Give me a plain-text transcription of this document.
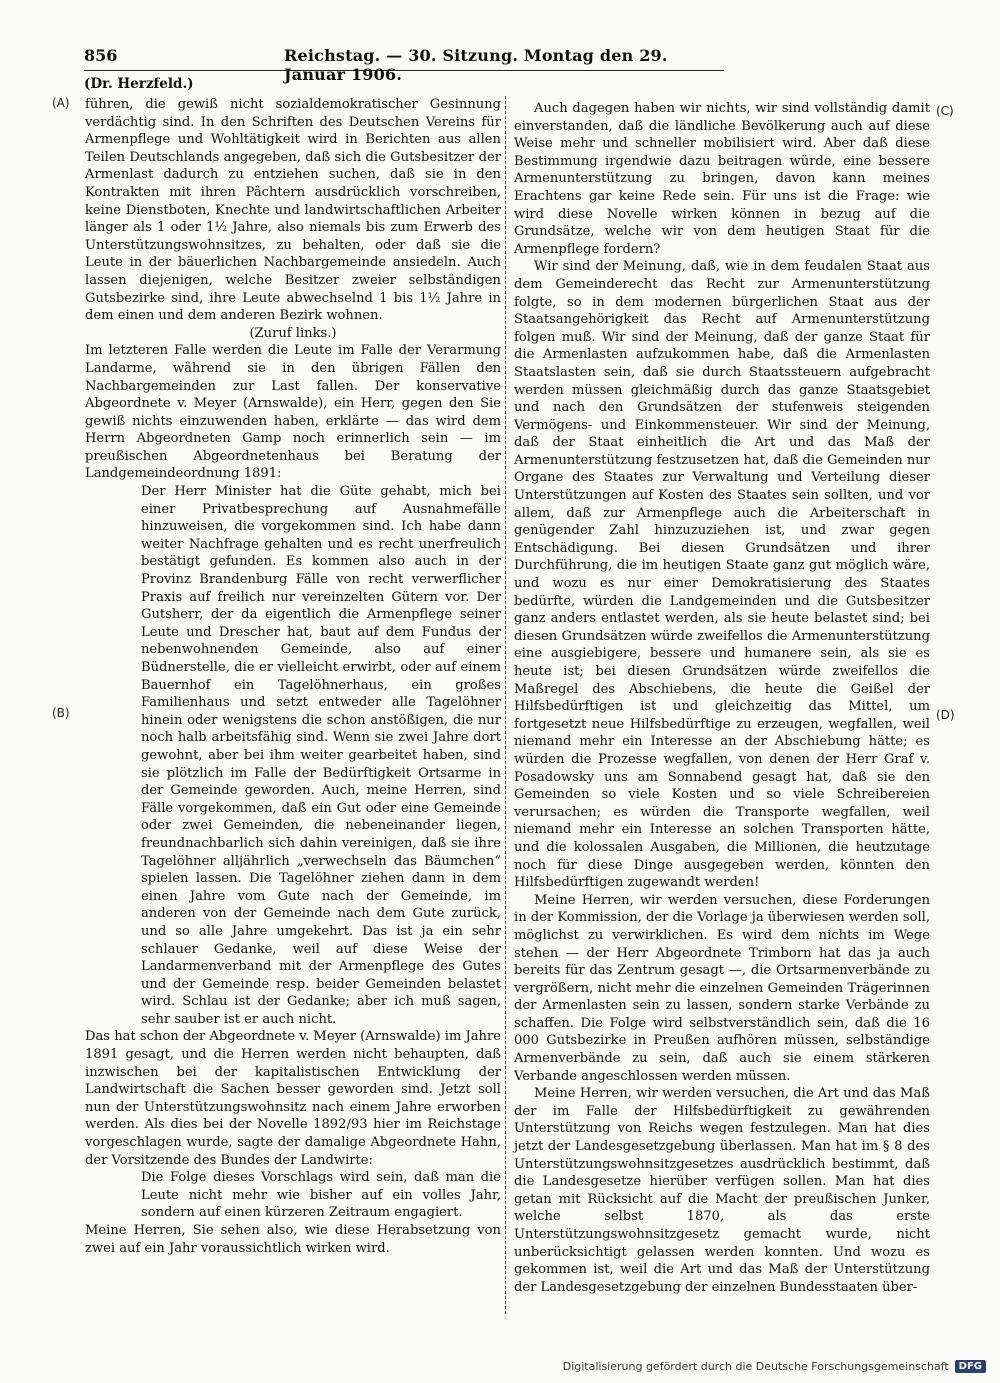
856	Reichstag. — 30. Sitzung. Montag den 29. Januar 1906.
(Dr. Herzfeld.)
(A)
(B)
(C)
(D)

führen, die gewiß nicht sozialdemokratischer Gesinnung verdächtig sind. In den Schriften des Deutschen Vereins für Armenpflege und Wohltätigkeit wird in Berichten aus allen Teilen Deutschlands angegeben, daß sich die Gutsbesitzer der Armenlast dadurch zu entziehen suchen, daß sie in den Kontrakten mit ihren Pächtern ausdrücklich vorschreiben, keine Dienstboten, Knechte und landwirtschaftlichen Arbeiter länger als 1 oder 1½ Jahre, also niemals bis zum Erwerb des Unterstützungswohnsitzes, zu behalten, oder daß sie die Leute in der bäuerlichen Nachbargemeinde ansiedeln. Auch lassen diejenigen, welche Besitzer zweier selbständigen Gutsbezirke sind, ihre Leute abwechselnd 1 bis 1½ Jahre in dem einen und dem anderen Bezirk wohnen.

(Zuruf links.)

Im letzteren Falle werden die Leute im Falle der Verarmung Landarme, während sie in den übrigen Fällen den Nachbargemeinden zur Last fallen. Der konservative Abgeordnete v. Meyer (Arnswalde), ein Herr, gegen den Sie gewiß nichts einzuwenden haben, erklärte — das wird dem Herrn Abgeordneten Gamp noch erinnerlich sein — im preußischen Abgeordnetenhaus bei Beratung der Landgemeindeordnung 1891:

Der Herr Minister hat die Güte gehabt, mich bei einer Privatbesprechung auf Ausnahmefälle hinzuweisen, die vorgekommen sind. Ich habe dann weiter Nachfrage gehalten und es recht unerfreulich bestätigt gefunden. Es kommen also auch in der Provinz Brandenburg Fälle von recht verwerflicher Praxis auf freilich nur vereinzelten Gütern vor. Der Gutsherr, der da eigentlich die Armenpflege seiner Leute und Drescher hat, baut auf dem Fundus der nebenwohnenden Gemeinde, also auf einer Büdnerstelle, die er vielleicht erwirbt, oder auf einem Bauernhof ein Tagelöhnerhaus, ein großes Familienhaus und setzt entweder alle Tagelöhner hinein oder wenigstens die schon anstößigen, die nur noch halb arbeitsfähig sind. Wenn sie zwei Jahre dort gewohnt, aber bei ihm weiter gearbeitet haben, sind sie plötzlich im Falle der Bedürftigkeit Ortsarme in der Gemeinde geworden. Auch, meine Herren, sind Fälle vorgekommen, daß ein Gut oder eine Gemeinde oder zwei Gemeinden, die nebeneinander liegen, freundnachbarlich sich dahin vereinigen, daß sie ihre Tagelöhner alljährlich „verwechseln das Bäumchen“ spielen lassen. Die Tagelöhner ziehen dann in dem einen Jahre vom Gute nach der Gemeinde, im anderen von der Gemeinde nach dem Gute zurück, und so alle Jahre umgekehrt. Das ist ja ein sehr schlauer Gedanke, weil auf diese Weise der Landarmenverband mit der Armenpflege des Gutes und der Gemeinde resp. beider Gemeinden belastet wird. Schlau ist der Gedanke; aber ich muß sagen, sehr sauber ist er auch nicht.

Das hat schon der Abgeordnete v. Meyer (Arnswalde) im Jahre 1891 gesagt, und die Herren werden nicht behaupten, daß inzwischen bei der kapitalistischen Entwicklung der Landwirtschaft die Sachen besser geworden sind. Jetzt soll nun der Unterstützungswohnsitz nach einem Jahre erworben werden. Als dies bei der Novelle 1892/93 hier im Reichstage vorgeschlagen wurde, sagte der damalige Abgeordnete Hahn, der Vorsitzende des Bundes der Landwirte:

Die Folge dieses Vorschlags wird sein, daß man die Leute nicht mehr wie bisher auf ein volles Jahr, sondern auf einen kürzeren Zeitraum engagiert.

Meine Herren, Sie sehen also, wie diese Herabsetzung von zwei auf ein Jahr voraussichtlich wirken wird.

Auch dagegen haben wir nichts, wir sind vollständig damit einverstanden, daß die ländliche Bevölkerung auch auf diese Weise mehr und schneller mobilisiert wird. Aber daß diese Bestimmung irgendwie dazu beitragen würde, eine bessere Armenunterstützung zu bringen, davon kann meines Erachtens gar keine Rede sein. Für uns ist die Frage: wie wird diese Novelle wirken können in bezug auf die Grundsätze, welche wir von dem heutigen Staat für die Armenpflege fordern?

Wir sind der Meinung, daß, wie in dem feudalen Staat aus dem Gemeinderecht das Recht zur Armenunterstützung folgte, so in dem modernen bürgerlichen Staat aus der Staatsangehörigkeit das Recht auf Armenunterstützung folgen muß. Wir sind der Meinung, daß der ganze Staat für die Armenlasten aufzukommen habe, daß die Armenlasten Staatslasten sein, daß sie durch Staatssteuern aufgebracht werden müssen gleichmäßig durch das ganze Staatsgebiet und nach den Grundsätzen der stufenweis steigenden Vermögens- und Einkommensteuer. Wir sind der Meinung, daß der Staat einheitlich die Art und das Maß der Armenunterstützung festzusetzen hat, daß die Gemeinden nur Organe des Staates zur Verwaltung und Verteilung dieser Unterstützungen auf Kosten des Staates sein sollten, und vor allem, daß zur Armenpflege auch die Arbeiterschaft in genügender Zahl hinzuzuziehen ist, und zwar gegen Entschädigung. Bei diesen Grundsätzen und ihrer Durchführung, die im heutigen Staate ganz gut möglich wäre, und wozu es nur einer Demokratisierung des Staates bedürfte, würden die Landgemeinden und die Gutsbesitzer ganz anders entlastet werden, als sie heute belastet sind; bei diesen Grundsätzen würde zweifellos die Armenunterstützung eine ausgiebigere, bessere und humanere sein, als sie es heute ist; bei diesen Grundsätzen würde zweifellos die Maßregel des Abschiebens, die heute die Geißel der Hilfsbedürftigen ist und gleichzeitig das Mittel, um fortgesetzt neue Hilfsbedürftige zu erzeugen, wegfallen, weil niemand mehr ein Interesse an der Abschiebung hätte; es würden die Prozesse wegfallen, von denen der Herr Graf v. Posadowsky uns am Sonnabend gesagt hat, daß sie den Gemeinden so viele Kosten und so viele Schreibereien verursachen; es würden die Transporte wegfallen, weil niemand mehr ein Interesse an solchen Transporten hätte, und die kolossalen Ausgaben, die Millionen, die heutzutage noch für diese Dinge ausgegeben werden, könnten den Hilfsbedürftigen zugewandt werden!

Meine Herren, wir werden versuchen, diese Forderungen in der Kommission, der die Vorlage ja überwiesen werden soll, möglichst zu verwirklichen. Es wird dem nichts im Wege stehen — der Herr Abgeordnete Trimborn hat das ja auch bereits für das Zentrum gesagt —, die Ortsarmenverbände zu vergrößern, nicht mehr die einzelnen Gemeinden Trägerinnen der Armenlasten sein zu lassen, sondern starke Verbände zu schaffen. Die Folge wird selbstverständlich sein, daß die 16 000 Gutsbezirke in Preußen aufhören müssen, selbständige Armenverbände zu sein, daß auch sie einem stärkeren Verbande angeschlossen werden müssen.

Meine Herren, wir werden versuchen, die Art und das Maß der im Falle der Hilfsbedürftigkeit zu gewährenden Unterstützung von Reichs wegen festzulegen. Man hat dies jetzt der Landesgesetzgebung überlassen. Man hat im § 8 des Unterstützungswohnsitzgesetzes ausdrücklich bestimmt, daß die Landesgesetze hierüber verfügen sollen. Man hat dies getan mit Rücksicht auf die Macht der preußischen Junker, welche selbst 1870, als das erste Unterstützungswohnsitzgesetz gemacht wurde, nicht unberücksichtigt gelassen werden konnten. Und wozu es gekommen ist, weil die Art und das Maß der Unterstützung der Landesgesetzgebung der einzelnen Bundesstaaten über-

Digitalisierung gefördert durch die Deutsche Forschungsgemeinschaft	DFG
